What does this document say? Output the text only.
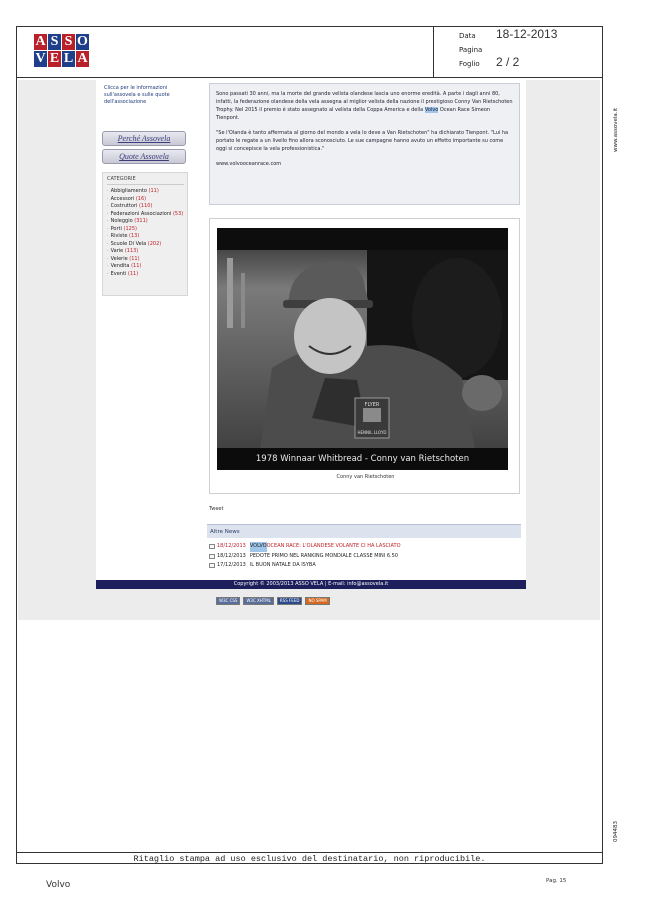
A S S O
V E L A
Data 18-12-2013
Pagina
Foglio 2 / 2
Clicca per le informazioni sull'assovela e sulle quote dell'associazione
Perché Assovela
Quote Assovela
CATEGORIE
· Abbigliamento (11)
· Accessori (16)
· Costruttori (110)
· Federazioni Associazioni (53)
· Noleggio (311)
· Porti (125)
· Riviste (13)
· Scuole Di Vela (202)
· Varie (113)
· Velerie (11)
· Vendita (11)
· Eventi (11)

Sono passati 30 anni, ma la morte del grande velista olandese lascia uno enorme eredità. A parte i dagli anni 80, infatti, la federazione olandese della vela assegna al miglior velista della nazione il prestigioso Conny Van Rietschoten Trophy. Nel 2015 il premio è stato assegnato al velista della Coppa America e della Volvo Ocean Race Simeon Tienpont.

"Se l'Olanda è tanto affermata al giorno del mondo a vela lo deve a Van Rietschoten" ha dichiarato Tienpont. "Lui ha portato le regate a un livello fino allora sconosciuto. Le sue campagne hanno avuto un effetto importante su come oggi si concepisce la vela professionistica."

www.volvooceanrace.com

FLYER
HENNIL LLOYD
1978 Winnaar Whitbread - Conny van Rietschoten
Conny van Rietschoten
Tweet
Altre News
18/12/2013 VOLVO OCEAN RACE: L'OLANDESE VOLANTE CI HA LASCIATO
18/12/2013 PEDOTE PRIMO NEL RANKING MONDIALE CLASSE MINI 6.50
17/12/2013 IL BUON NATALE DA ISYBA
Copyright © 2003/2013 ASSO VELA | E-mail: info@assovela.it
W3C CSS	W3C XHTML	RSS FEED	NO SPAM
www.assovela.it
094483
Ritaglio stampa ad uso esclusivo del destinatario, non riproducibile.
Volvo	Pag. 15
